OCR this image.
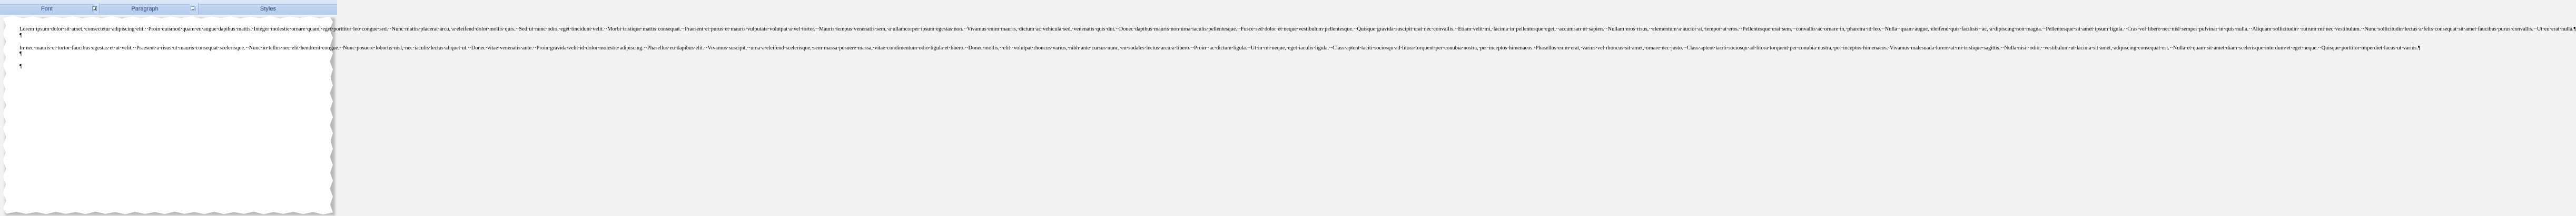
Font	Paragraph	Styles

Lorem·ipsum·dolor·sit·amet,·consectetur·adipiscing·elit.··Proin·euismod·quam·eu·augue·dapibus·mattis.·Integer·molestie·ornare·quam,·eget·porttitor·leo·congue·sed.··Nunc·mattis·placerat·arcu,·a·eleifend·dolor·mollis·quis.··Sed·ut·nunc·odio,·eget·tincidunt·velit.··Morbi·tristique·mattis·consequat.··Praesent·et·purus·et·mauris·vulputate·volutpat·a·vel·tortor.··Mauris·tempus·venenatis·sem,·a·ullamcorper·ipsum·egestas·non.··Vivamus·enim·mauris,·dictum·ac·vehicula·sed,·venenatis·quis·dui.··Donec·dapibus·mauris·non·urna·iaculis·pellentesque.··Fusce·sed·dolor·et·neque·vestibulum·pellentesque.··Quisque·gravida·suscipit·erat·nec·convallis.··Etiam·velit·mi,·lacinia·in·pellentesque·eget,··accumsan·ut·sapien.··Nullam·eros·risus,··elementum·a·auctor·at,·tempor·at·eros.··Pellentesque·erat·sem,··convallis·ac·ornare·in,·pharetra·id·leo.··Nulla··quam·augue,·eleifend·quis·facilisis··ac,·a·dipiscing·non·magna.··Pellentesque·sit·amet·ipsum·ligula.··Cras·vel·libero·nec·nisl·semper·pulvinar·in·quis·nulla.··Aliquam·sollicitudin··rutrum·mi·nec·vestibulum.··Nunc·sollicitudin·lectus·a·felis·consequat·sit·amet·faucibus·purus·convallis.··Ut·eu·erat·nulla.¶

¶

In·nec·mauris·et·tortor·faucibus·egestas·et·ut·velit.··Praesent·a·risus·ut·mauris·consequat·scelerisque.··Nunc·in·tellus·nec·elit·hendrerit·congue.··Nunc·posuere·lobortis·nisl,·nec·iaculis·lectus·aliquet·ut.··Donec·vitae·venenatis·ante.··Proin·gravida·velit·id·dolor·molestie·adipiscing.··Phasellus·eu·dapibus·elit.··Vivamus·suscipit,··urna·a·eleifend·scelerisque,·sem·massa·posuere·massa,·vitae·condimentum·odio·ligula·et·libero.··Donec·mollis,··elit··volutpat·rhoncus·varius,·nibh·ante·cursus·nunc,·eu·sodales·lectus·arcu·a·libero.··Proin··ac·dictum·ligula.··Ut·in·mi·neque,·eget·iaculis·ligula.··Class·aptent·taciti·sociosqu·ad·litora·torquent·per·conubia·nostra,·per·inceptos·himenaeos.·Phasellus·enim·erat,·varius·vel·rhoncus·sit·amet,·ornare·nec·justo.··Class·aptent·taciti·sociosqu·ad·litora·torquent·per·conubia·nostra,·per·inceptos·himenaeos.·Vivamus·malesuada·lorem·at·mi·tristique·sagittis.··Nulla·nisi··odio,··vestibulum·ut·lacinia·sit·amet,·adipiscing·consequat·est.··Nulla·et·quam·sit·amet·diam·scelerisque·interdum·et·eget·neque.··Quisque·porttitor·imperdiet·lacus·ut·varius.¶

¶
¶
